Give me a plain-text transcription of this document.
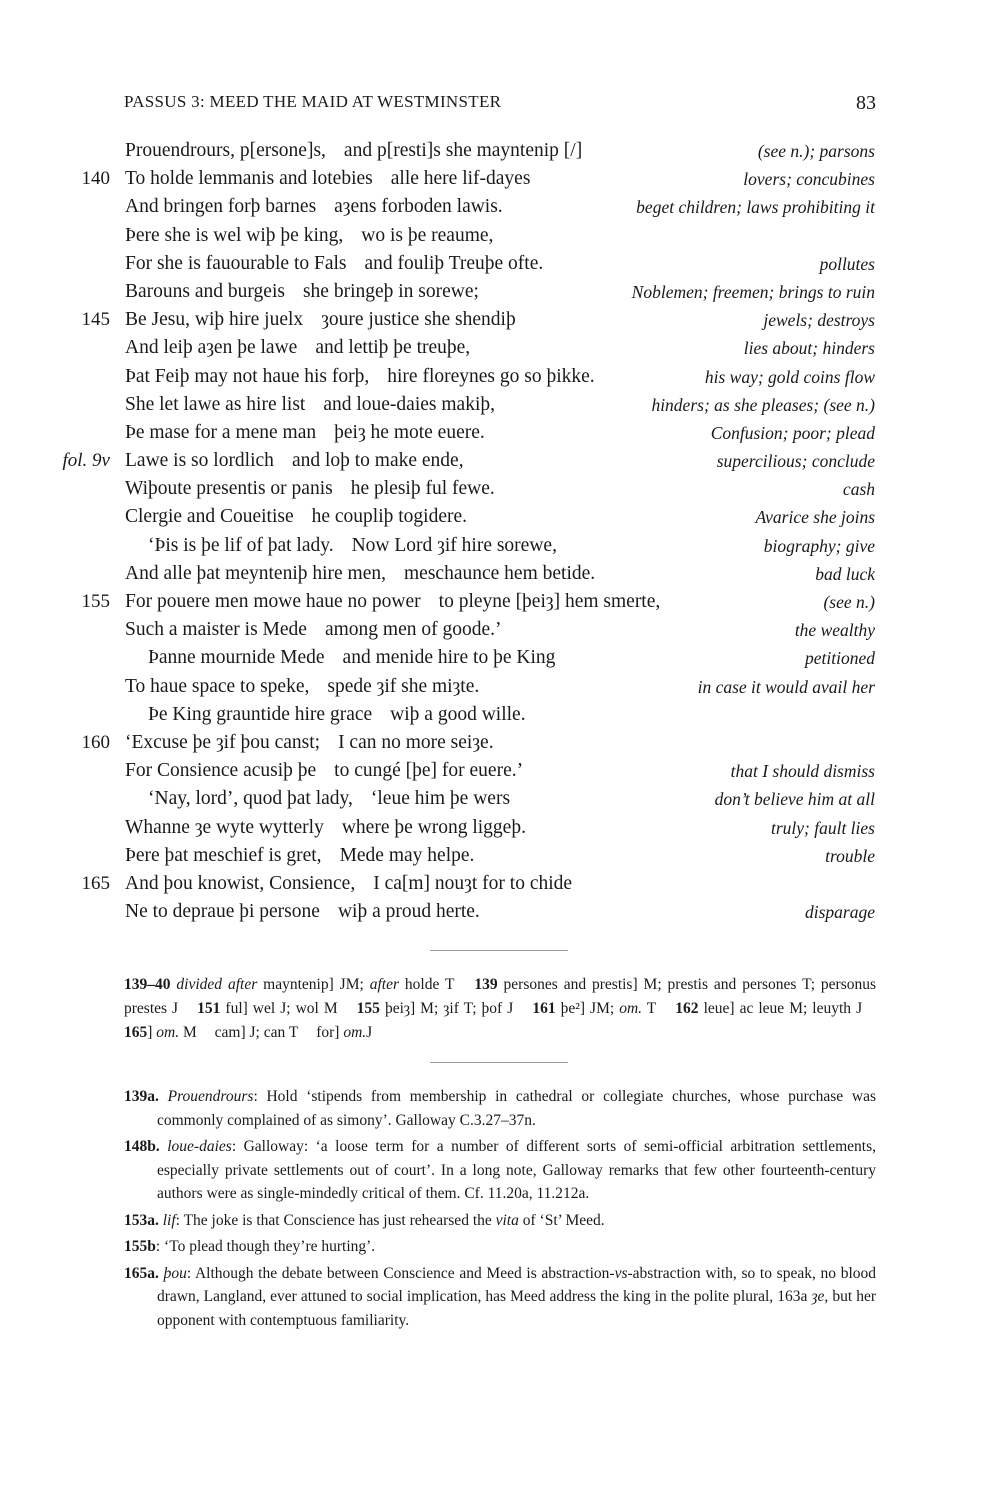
PASSUS 3: MEED THE MAID AT WESTMINSTER	83
Prouendrours, p[ersone]s, and p[resti]s she mayntenip [/]	(see n.); parsons
140 To holde lemmanis and lotebies alle here lif-dayes	lovers; concubines
And bringen forþ barnes aȝens forboden lawis.	beget children; laws prohibiting it
Þere she is wel wiþ þe king, wo is þe reaume,
For she is fauourable to Fals and fouliþ Treuþe ofte.	pollutes
Barouns and burgeis she bringeþ in sorewe;	Noblemen; freemen; brings to ruin
145 Be Jesu, wiþ hire juelx ȝoure justice she shendiþ	jewels; destroys
And leiþ aȝen þe lawe and lettiþ þe treuþe,	lies about; hinders
Þat Feiþ may not haue his forþ, hire floreynes go so þikke.	his way; gold coins flow
She let lawe as hire list and loue-daies makiþ,	hinders; as she pleases; (see n.)
Þe mase for a mene man þeiȝ he mote euere.	Confusion; poor; plead
fol. 9v Lawe is so lordlich and loþ to make ende,	supercilious; conclude
Wiþoute presentis or panis he plesiþ ful fewe.	cash
Clergie and Coueitise he coupliþ togidere.	Avarice she joins
‘Þis is þe lif of þat lady. Now Lord ȝif hire sorewe,	biography; give
And alle þat meynteniþ hire men, meschaunce hem betide.	bad luck
155 For pouere men mowe haue no power to pleyne [þeiȝ] hem smerte,	(see n.)
Such a maister is Mede among men of goode.’	the wealthy
Þanne mournide Mede and menide hire to þe King	petitioned
To haue space to speke, spede ȝif she miȝte.	in case it would avail her
Þe King grauntide hire grace wiþ a good wille.
160 ‘Excuse þe ȝif þou canst; I can no more seiȝe.
For Consience acusiþ þe to cungé [þe] for euere.’	that I should dismiss
‘Nay, lord’, quod þat lady, ‘leue him þe wers	don’t believe him at all
Whanne ȝe wyte wytterly where þe wrong liggeþ.	truly; fault lies
Þere þat meschief is gret, Mede may helpe.	trouble
165 And þou knowist, Consience, I ca[m] nouȝt for to chide
Ne to depraue þi persone wiþ a proud herte.	disparage
139–40 divided after mayntenip] JM; after holde T 139 persones and prestis] M; prestis and persones T; personus prestes J 151 ful] wel J; wol M 155 þeiȝ] M; ȝif T; þof J 161 þe²] JM; om. T 162 leue] ac leue M; leuyth J 165] om. M cam] J; can T for] om.J
139a. Prouendrours: Hold ‘stipends from membership in cathedral or collegiate churches, whose purchase was commonly complained of as simony’. Galloway C.3.27–37n.
148b. loue-daies: Galloway: ‘a loose term for a number of different sorts of semi-official arbitration settlements, especially private settlements out of court’. In a long note, Galloway remarks that few other fourteenth-century authors were as single-mindedly critical of them. Cf. 11.20a, 11.212a.
153a. lif: The joke is that Conscience has just rehearsed the vita of ‘St’ Meed.
155b: ‘To plead though they’re hurting’.
165a. þou: Although the debate between Conscience and Meed is abstraction-vs-abstraction with, so to speak, no blood drawn, Langland, ever attuned to social implication, has Meed address the king in the polite plural, 163a ȝe, but her opponent with contemptuous familiarity.
